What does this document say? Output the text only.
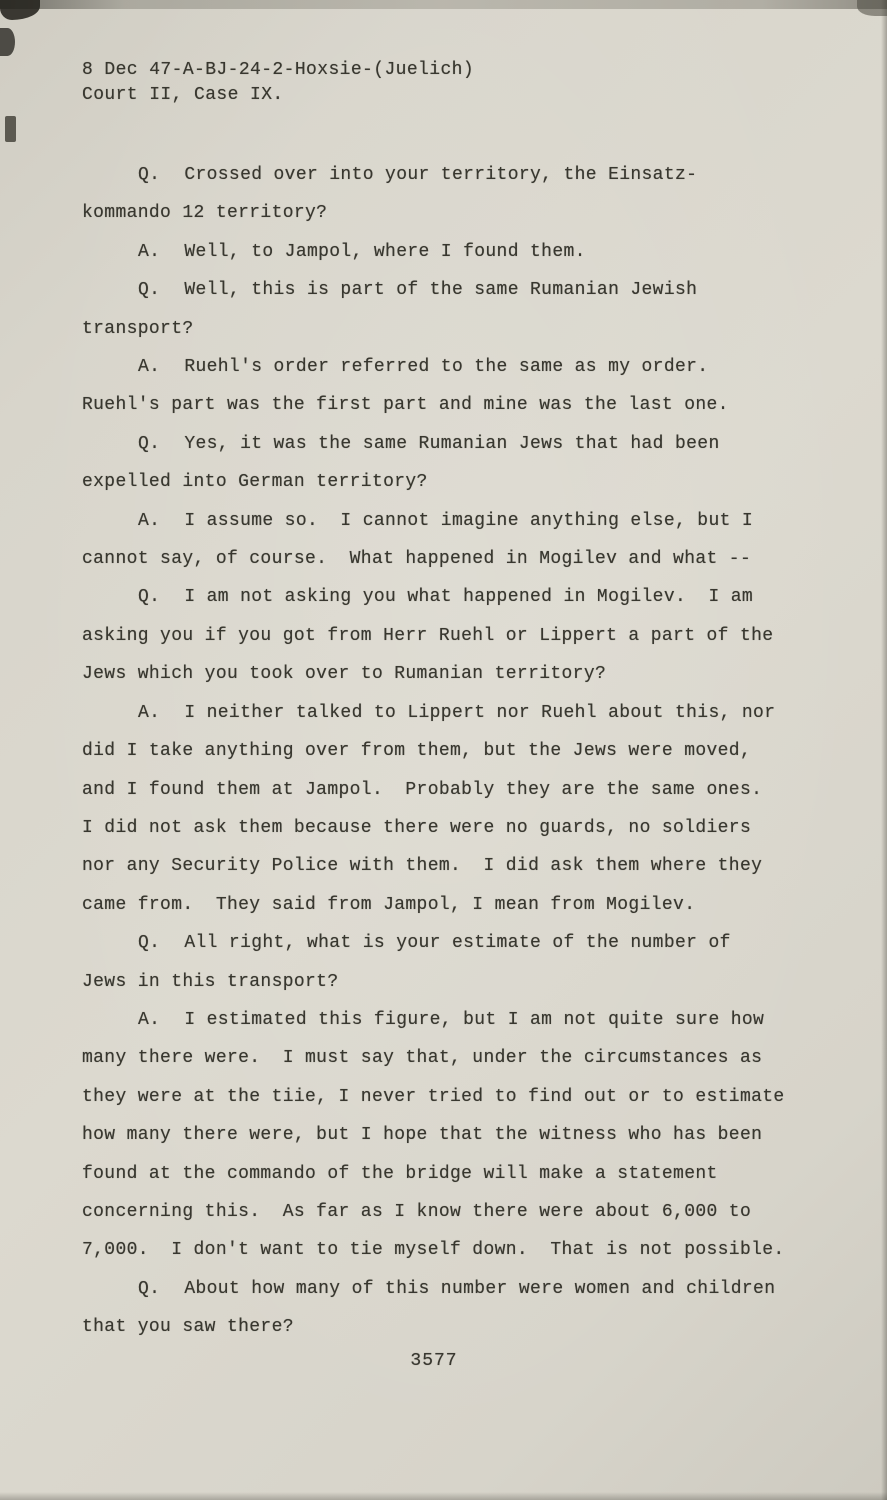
8 Dec 47-A-BJ-24-2-Hoxsie-(Juelich)
Court II, Case IX.

Q. Crossed over into your territory, the Einsatz-kommando 12 territory?

A. Well, to Jampol, where I found them.

Q. Well, this is part of the same Rumanian Jewish transport?

A. Ruehl's order referred to the same as my order.  Ruehl's part was the first part and mine was the last one.

Q. Yes, it was the same Rumanian Jews that had been expelled into German territory?

A. I assume so.  I cannot imagine anything else, but I cannot say, of course.  What happened in Mogilev and what --

Q. I am not asking you what happened in Mogilev.  I am asking you if you got from Herr Ruehl or Lippert a part of the Jews which you took over to Rumanian territory?

A. I neither talked to Lippert nor Ruehl about this, nor did I take anything over from them, but the Jews were moved, and I found them at Jampol.  Probably they are the same ones.  I did not ask them because there were no guards, no soldiers nor any Security Police with them.  I did ask them where they came from.  They said from Jampol, I mean from Mogilev.

Q. All right, what is your estimate of the number of Jews in this transport?

A. I estimated this figure, but I am not quite sure how many there were.  I must say that, under the circumstances as they were at the tiie, I never tried to find out or to estimate how many there were, but I hope that the witness who has been found at the commando of the bridge will make a statement concerning this.  As far as I know there were about 6,000 to 7,000.  I don't want to tie myself down.  That is not possible.

Q. About how many of this number were women and children that you saw there?

3577
